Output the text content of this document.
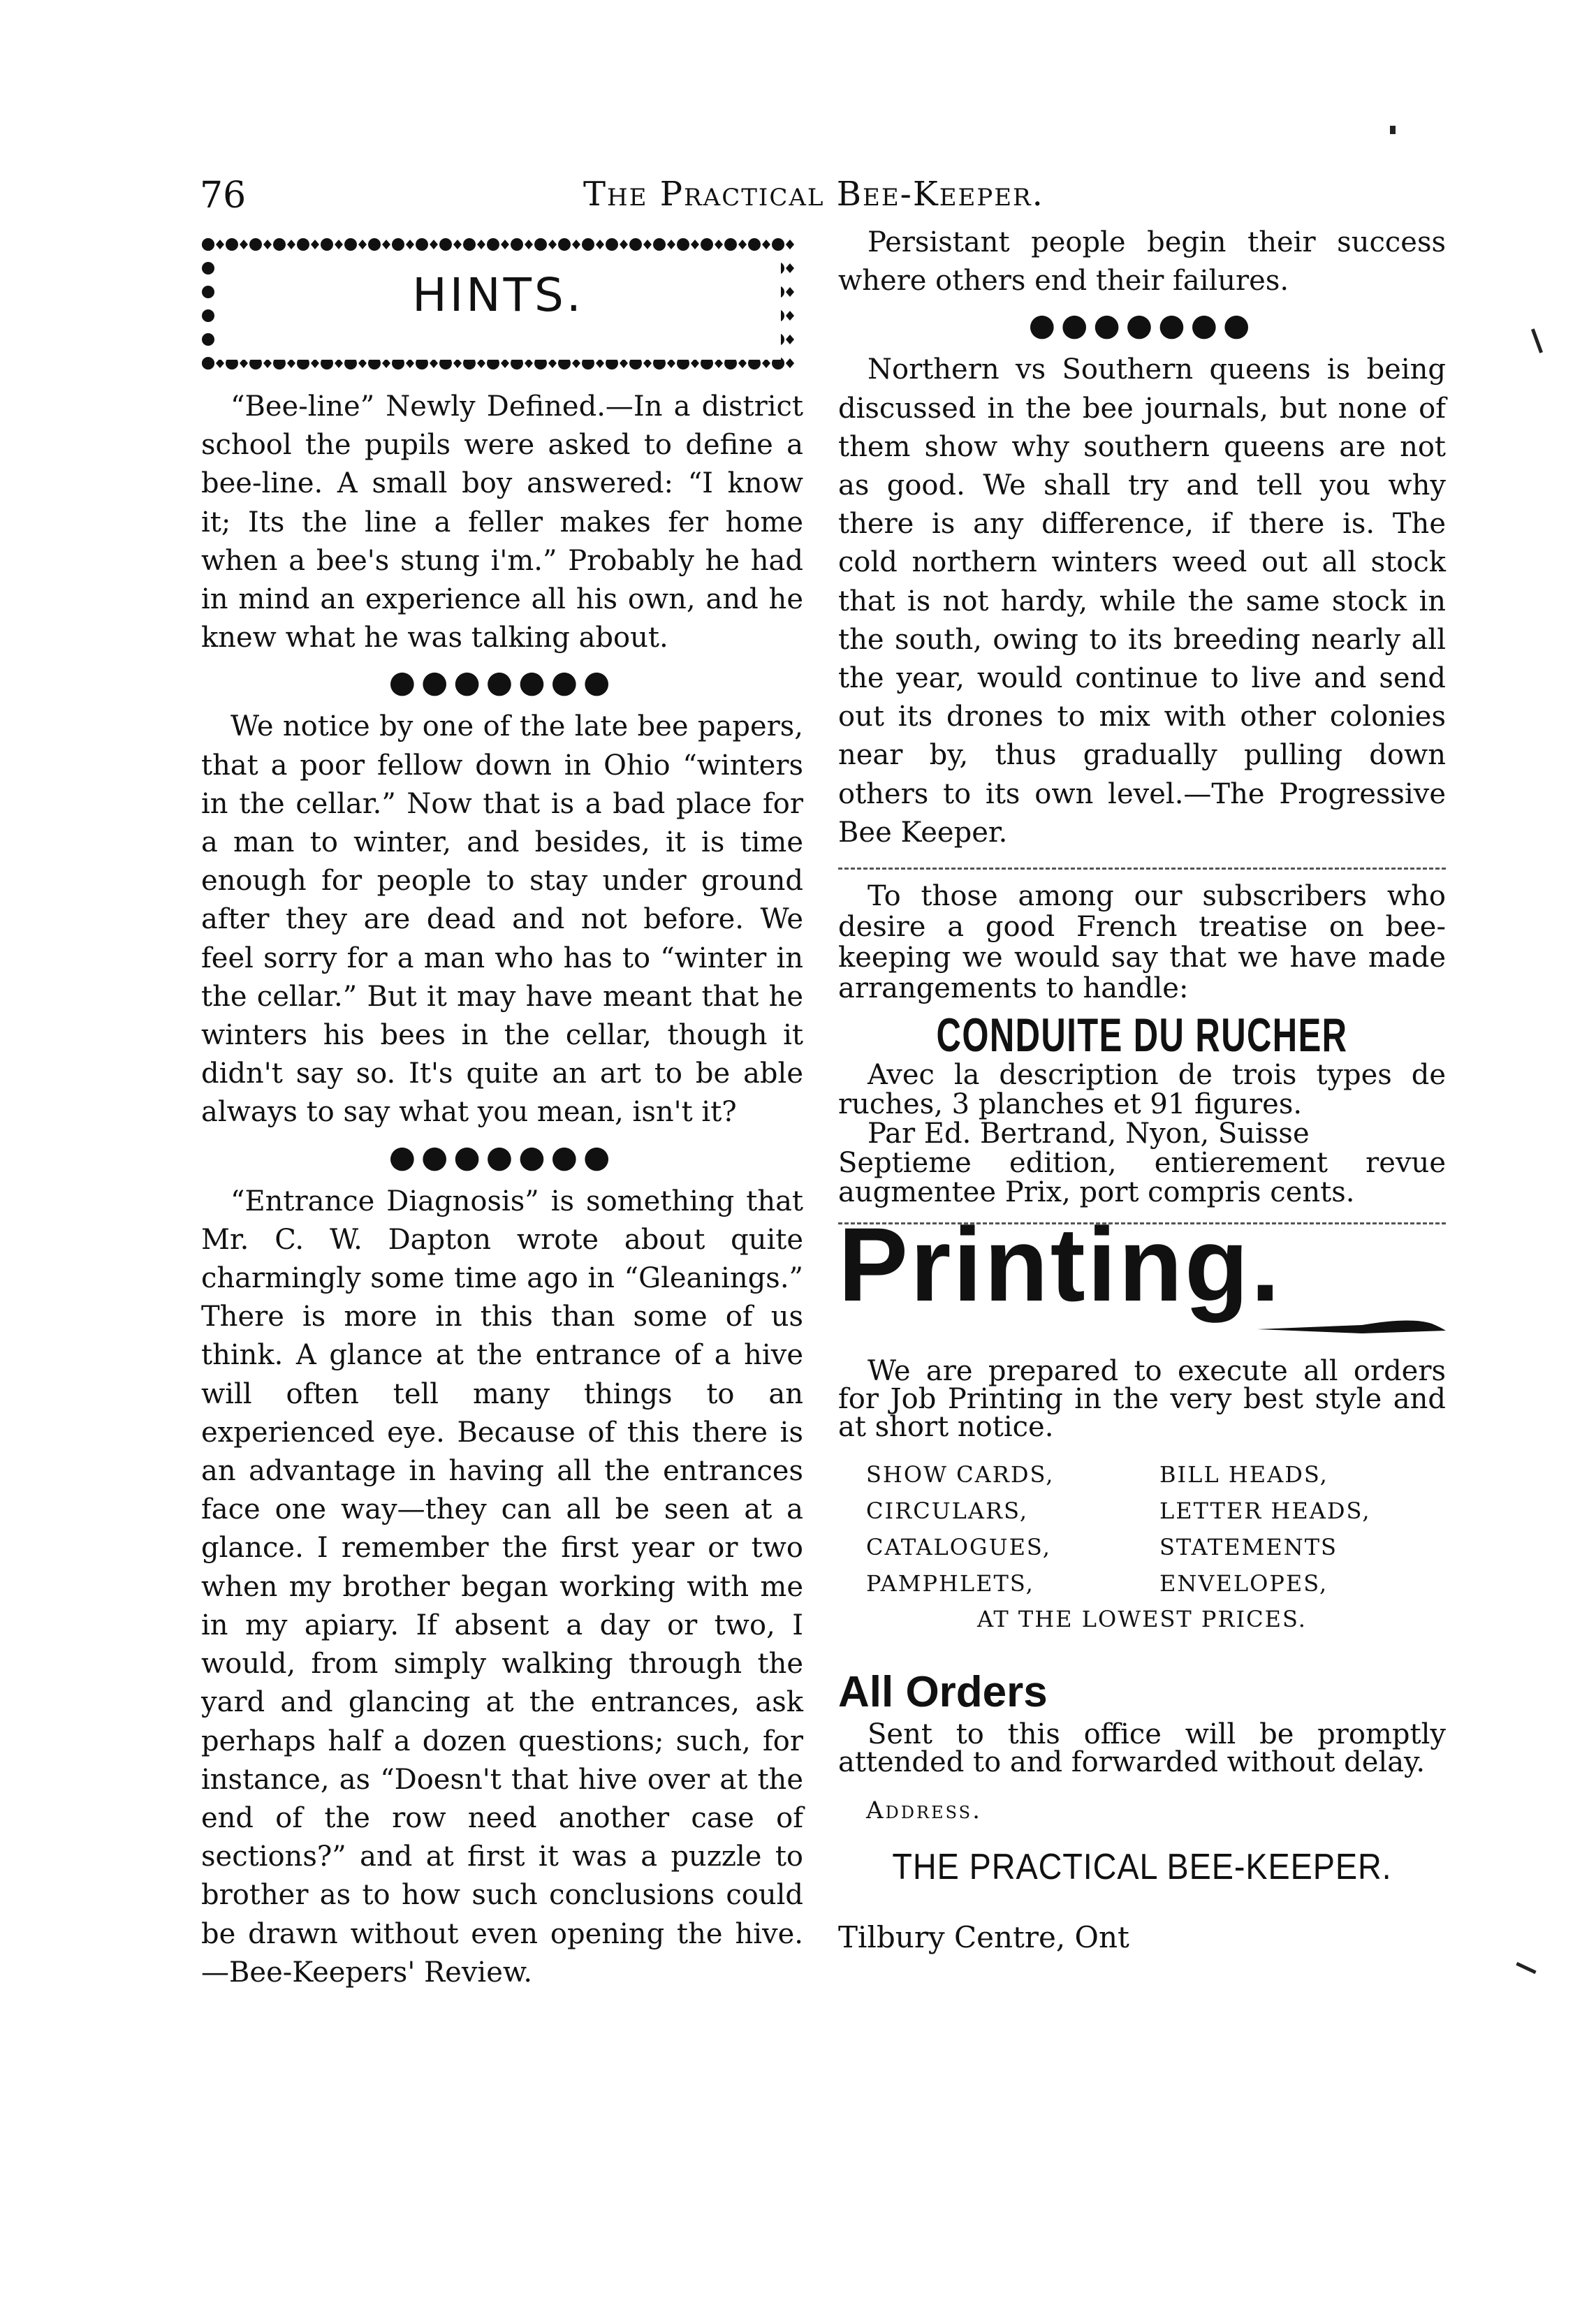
76	The Practical Bee-Keeper.
HINTS.

“Bee-line” Newly Defined.—In a district school the pupils were asked to define a bee-line. A small boy answered: “I know it; Its the line a feller makes fer home when a bee's stung i'm.” Probably he had in mind an experience all his own, and he knew what he was talking about.

●●●●●●●

We notice by one of the late bee papers, that a poor fellow down in Ohio “winters in the cellar.” Now that is a bad place for a man to winter, and besides, it is time enough for people to stay under ground after they are dead and not before. We feel sorry for a man who has to “winter in the cellar.” But it may have meant that he winters his bees in the cellar, though it didn't say so. It's quite an art to be able always to say what you mean, isn't it?

●●●●●●●

“Entrance Diagnosis” is something that Mr. C. W. Dapton wrote about quite charmingly some time ago in “Gleanings.” There is more in this than some of us think. A glance at the entrance of a hive will often tell many things to an experienced eye. Because of this there is an advantage in having all the entrances face one way—they can all be seen at a glance. I remember the first year or two when my brother began working with me in my apiary. If absent a day or two, I would, from simply walking through the yard and glancing at the entrances, ask perhaps half a dozen questions; such, for instance, as “Doesn't that hive over at the end of the row need another case of sections?” and at first it was a puzzle to brother as to how such conclusions could be drawn without even opening the hive.—Bee-Keepers' Review.

Persistant people begin their success where others end their failures.

●●●●●●●

Northern vs Southern queens is being discussed in the bee journals, but none of them show why southern queens are not as good. We shall try and tell you why there is any difference, if there is. The cold northern winters weed out all stock that is not hardy, while the same stock in the south, owing to its breeding nearly all the year, would continue to live and send out its drones to mix with other colonies near by, thus gradually pulling down others to its own level.—The Progressive Bee Keeper.

To those among our subscribers who desire a good French treatise on bee-keeping we would say that we have made arrangements to handle:

CONDUITE DU RUCHER
Avec la description de trois types de ruches, 3 planches et 91 figures.
Par Ed. Bertrand, Nyon, Suisse
Septieme edition, entierement revue augmentee Prix, port compris cents.
Printing.

We are prepared to execute all orders for Job Printing in the very best style and at short notice.

SHOW CARDS,	BILL HEADS,
CIRCULARS,	LETTER HEADS,
CATALOGUES,	STATEMENTS
PAMPHLETS,	ENVELOPES,
AT THE LOWEST PRICES.
All Orders

Sent to this office will be promptly attended to and forwarded without delay.

Address.
THE PRACTICAL BEE-KEEPER.
Tilbury Centre, Ont
